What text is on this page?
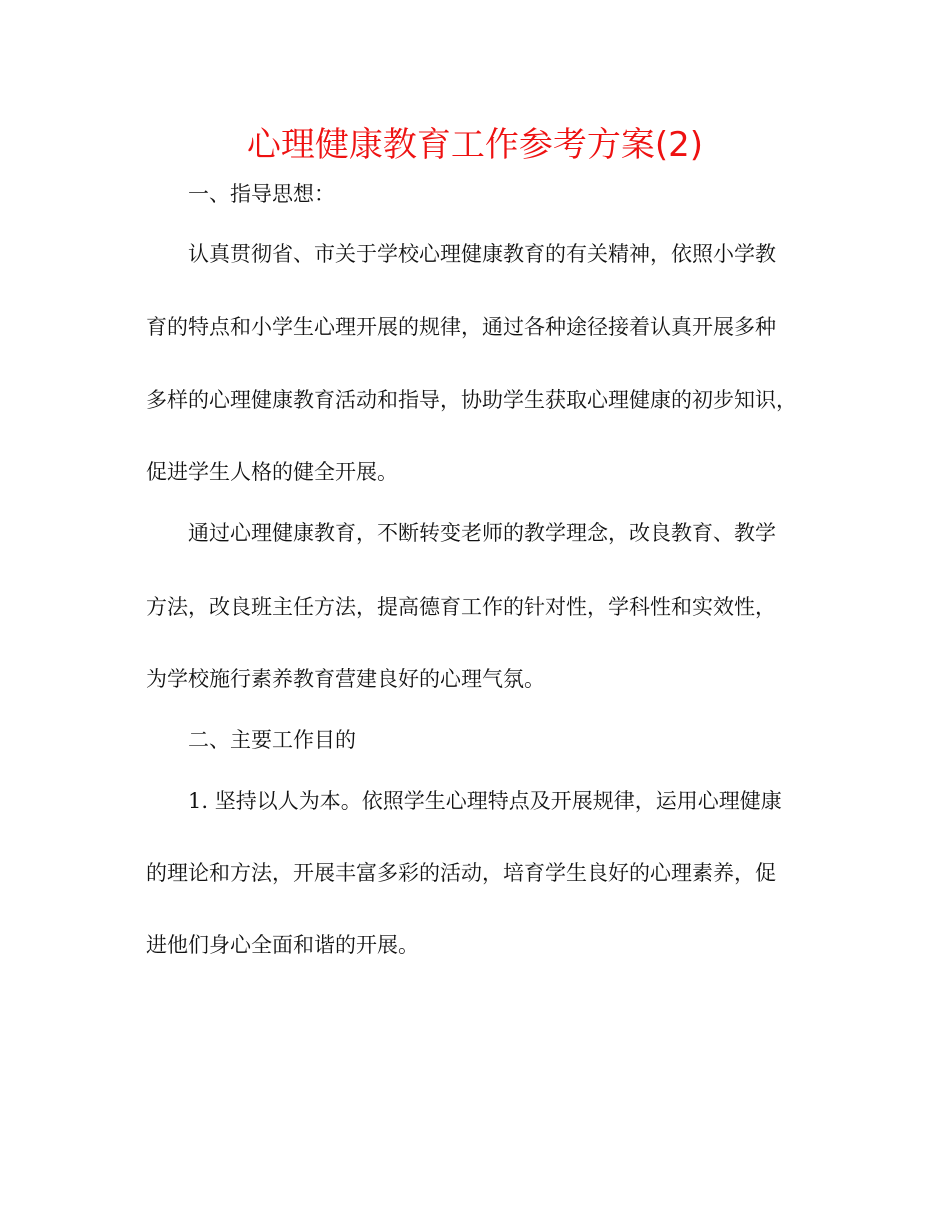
心理健康教育工作参考方案(2)

一、指导思想：

认真贯彻省、市关于学校心理健康教育的有关精神，依照小学教

育的特点和小学生心理开展的规律，通过各种途径接着认真开展多种

多样的心理健康教育活动和指导，协助学生获取心理健康的初步知识，

促进学生人格的健全开展。

通过心理健康教育，不断转变老师的教学理念，改良教育、教学

方法，改良班主任方法，提高德育工作的针对性，学科性和实效性，

为学校施行素养教育营建良好的心理气氛。

二、主要工作目的

1. 坚持以人为本。依照学生心理特点及开展规律，运用心理健康

的理论和方法，开展丰富多彩的活动，培育学生良好的心理素养，促

进他们身心全面和谐的开展。
